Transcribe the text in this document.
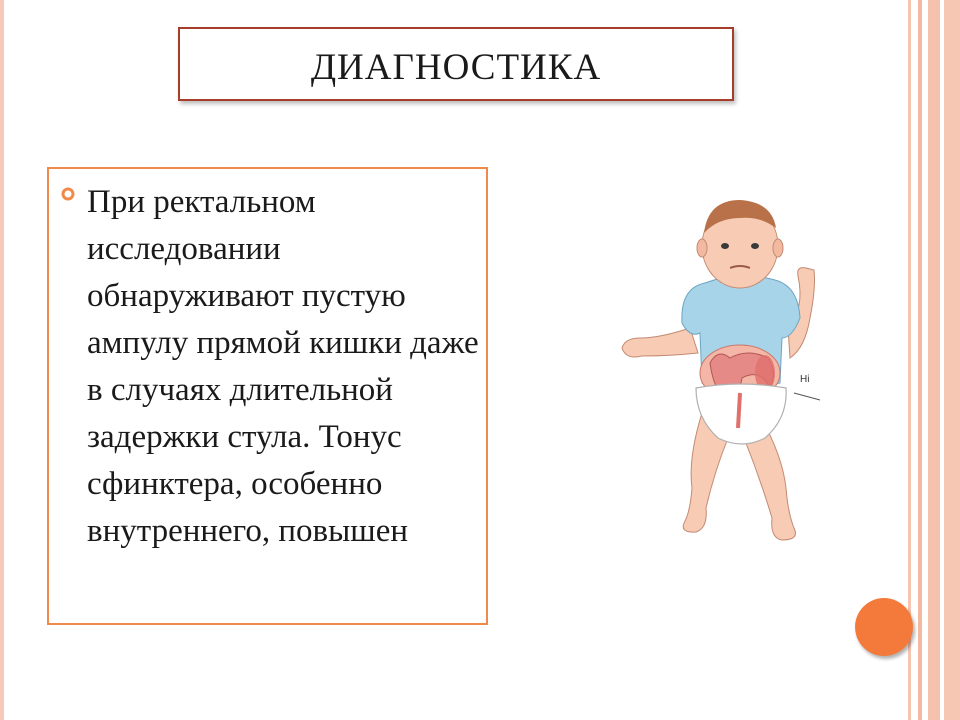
ДИАГНОСТИКА
При ректальном исследовании обнаруживают пустую ампулу прямой кишки даже в случаях длительной задержки стула. Тонус сфинктера, особенно внутреннего, повышен
Hi
